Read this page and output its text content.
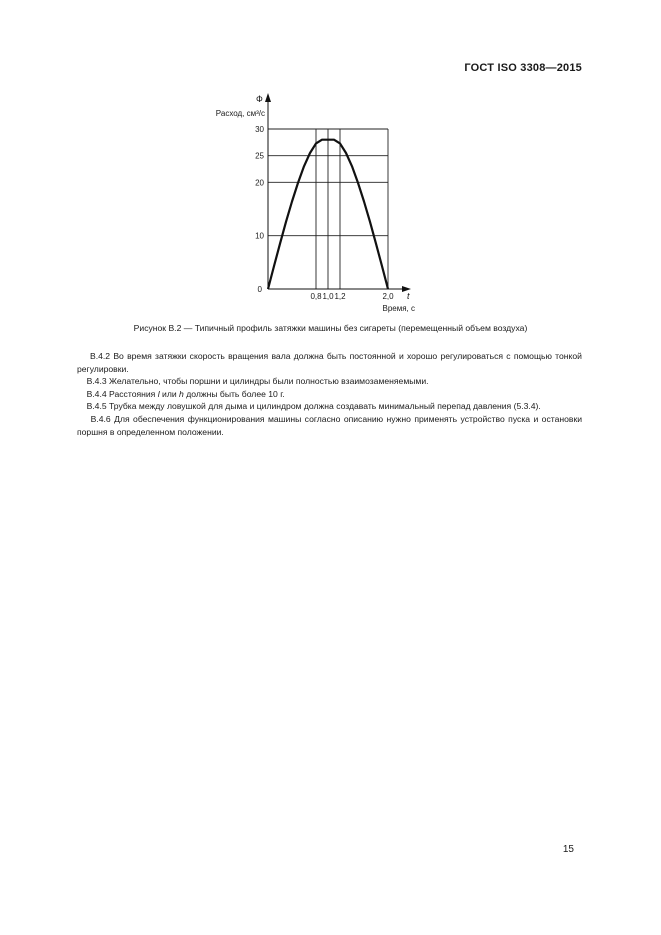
ГОСТ ISO 3308—2015
10
20
25
30
0,8 1,0 1,2	2,0
0
Ф
Расход, см³/с
t
Время, с
Рисунок В.2 — Типичный профиль затяжки машины без сигареты (перемещенный объем воздуха)

В.4.2 Во время затяжки скорость вращения вала должна быть постоянной и хорошо регулироваться с помощью тонкой регулировки.

В.4.3 Желательно, чтобы поршни и цилиндры были полностью взаимозаменяемыми.

В.4.4 Расстояния l или h должны быть более 10 г.

В.4.5 Трубка между ловушкой для дыма и цилиндром должна создавать минимальный перепад давления (5.3.4).

В.4.6 Для обеспечения функционирования машины согласно описанию нужно применять устройство пуска и остановки поршня в определенном положении.

15
